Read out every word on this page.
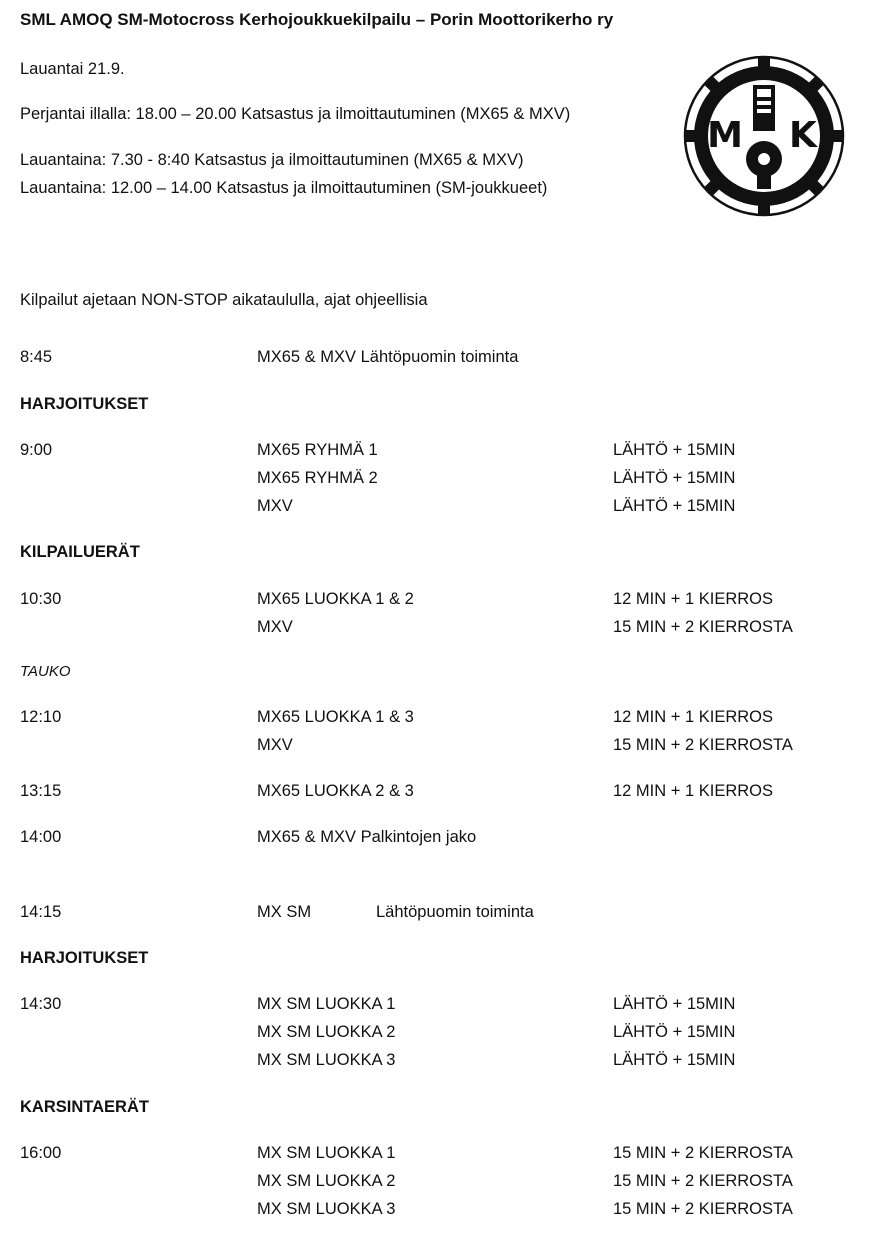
SML AMOQ SM-Motocross Kerhojoukkuekilpailu – Porin Moottorikerho ry
Lauantai 21.9.
Perjantai illalla: 18.00 – 20.00 Katsastus ja ilmoittautuminen (MX65 & MXV)
Lauantaina: 7.30 - 8:40 Katsastus ja ilmoittautuminen (MX65 & MXV)
Lauantaina: 12.00 – 14.00 Katsastus ja ilmoittautuminen (SM-joukkueet)
M K
Kilpailut ajetaan NON-STOP aikataululla, ajat ohjeellisia
8:45	MX65 & MXV Lähtöpuomin toiminta
HARJOITUKSET
9:00	MX65 RYHMÄ 1	LÄHTÖ + 15MIN
MX65 RYHMÄ 2	LÄHTÖ + 15MIN
MXV	LÄHTÖ + 15MIN
KILPAILUERÄT
10:30	MX65 LUOKKA 1 & 2	12 MIN + 1 KIERROS
MXV	15 MIN + 2 KIERROSTA
TAUKO
12:10	MX65 LUOKKA 1 & 3	12 MIN + 1 KIERROS
MXV	15 MIN + 2 KIERROSTA
13:15	MX65 LUOKKA 2 & 3	12 MIN + 1 KIERROS
14:00	MX65 & MXV Palkintojen jako
14:15	MX SM	Lähtöpuomin toiminta
HARJOITUKSET
14:30	MX SM LUOKKA 1	LÄHTÖ + 15MIN
MX SM LUOKKA 2	LÄHTÖ + 15MIN
MX SM LUOKKA 3	LÄHTÖ + 15MIN
KARSINTAERÄT
16:00	MX SM LUOKKA 1	15 MIN + 2 KIERROSTA
MX SM LUOKKA 2	15 MIN + 2 KIERROSTA
MX SM LUOKKA 3	15 MIN + 2 KIERROSTA
